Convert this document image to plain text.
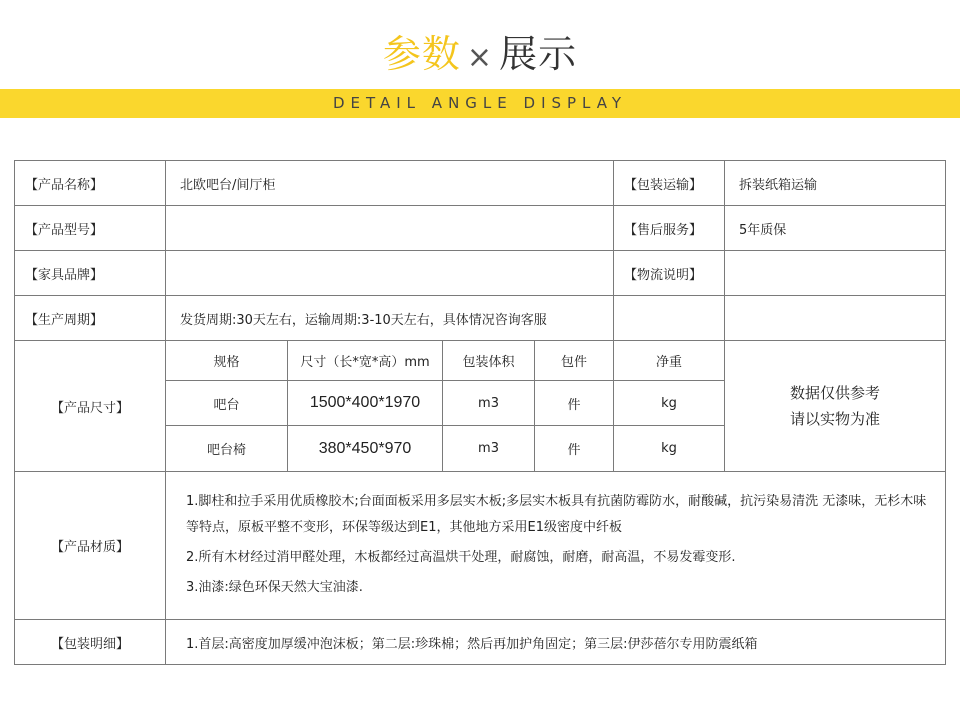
参数 × 展示
DETAIL ANGLE DISPLAY
【产品名称】	北欧吧台/间厅柜				【包装运输】	拆装纸箱运输
【产品型号】					【售后服务】	5年质保
【家具品牌】					【物流说明】	
【生产周期】	发货周期:30天左右，运输周期:3-10天左右，具体情况咨询客服					
【产品尺寸】	规格	尺寸（长*宽*高）mm	包装体积	包件	净重	数据仅供参考
请以实物为准

	吧台	1500*400*1970	m3	件	kg	
	吧台椅	380*450*970	m3	件	kg	
【产品材质】	1.脚柱和拉手采用优质橡胶木;台面面板采用多层实木板;多层实木板具有抗菌防霉防水，耐酸碱，抗污染易清洗 无漆味，无杉木味等特点，原板平整不变形，环保等级达到E1，其他地方采用E1级密度中纤板

2.所有木材经过消甲醛处理，木板都经过高温烘干处理，耐腐蚀，耐磨，耐高温，不易发霉变形.

3.油漆:绿色环保天然大宝油漆.					

【包装明细】	1.首层:高密度加厚缓冲泡沫板；第二层:珍珠棉；然后再加护角固定；第三层:伊莎蓓尔专用防震纸箱					
